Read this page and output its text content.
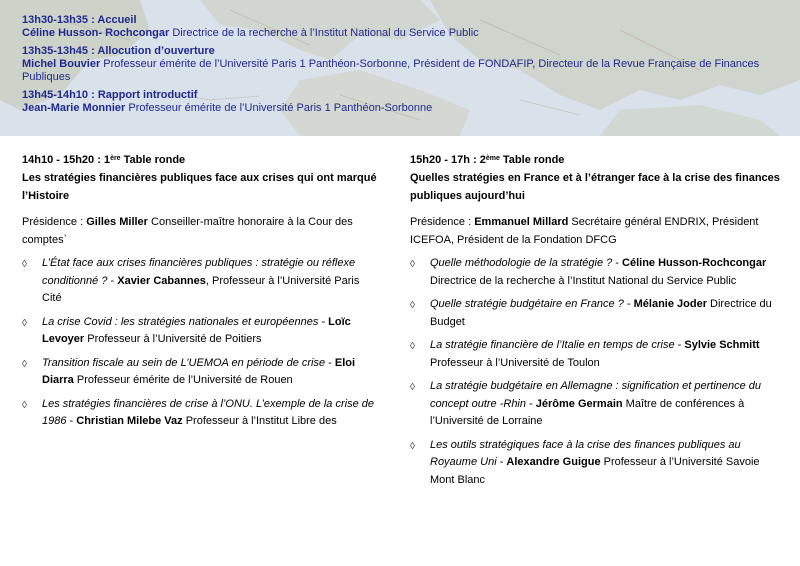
13h30-13h35 : Accueil
Céline Husson- Rochcongar Directrice de la recherche à l’Institut National du Service Public
13h35-13h45 : Allocution d’ouverture
Michel Bouvier Professeur émérite de l’Université Paris 1 Panthéon-Sorbonne, Président de FONDAFIP, Directeur de la Revue Française de Finances Publiques
13h45-14h10 : Rapport introductif
Jean-Marie Monnier Professeur émérite de l’Université Paris 1 Panthéon-Sorbonne
14h10 - 15h20 : 1ère Table ronde
Les stratégies financières publiques face aux crises qui ont marqué l’Histoire
Présidence : Gilles Miller Conseiller-maître honoraire à la Cour des comptes`
◊	L’État face aux crises financières publiques : stratégie ou réflexe conditionné ? - Xavier Cabannes, Professeur à l’Université Paris Cité
◊	La crise Covid : les stratégies nationales et européennes - Loïc Levoyer Professeur à l’Université de Poitiers
◊	Transition fiscale au sein de L’UEMOA en période de crise - Eloi Diarra Professeur émérite de l’Université de Rouen
◊	Les stratégies financières de crise à l’ONU. L’exemple de la crise de 1986 - Christian Milebe Vaz Professeur à l’Institut Libre des
15h20 - 17h : 2ème Table ronde
Quelles stratégies en France et à l’étranger face à la crise des finances publiques aujourd’hui
Présidence : Emmanuel Millard Secrétaire général ENDRIX, Président ICEFOA, Président de la Fondation DFCG
◊	Quelle méthodologie de la stratégie ? - Céline Husson-Rochcongar Directrice de la recherche à l’Institut National du Service Public
◊	Quelle stratégie budgétaire en France ? - Mélanie Joder Directrice du Budget
◊	La stratégie financière de l’Italie en temps de crise - Sylvie Schmitt Professeur à l’Université de Toulon
◊	La stratégie budgétaire en Allemagne : signification et pertinence du concept outre -Rhin - Jérôme Germain Maître de conférences à l’Université de Lorraine
◊	Les outils stratégiques face à la crise des finances publiques au Royaume Uni - Alexandre Guigue Professeur à l’Université Savoie Mont Blanc
